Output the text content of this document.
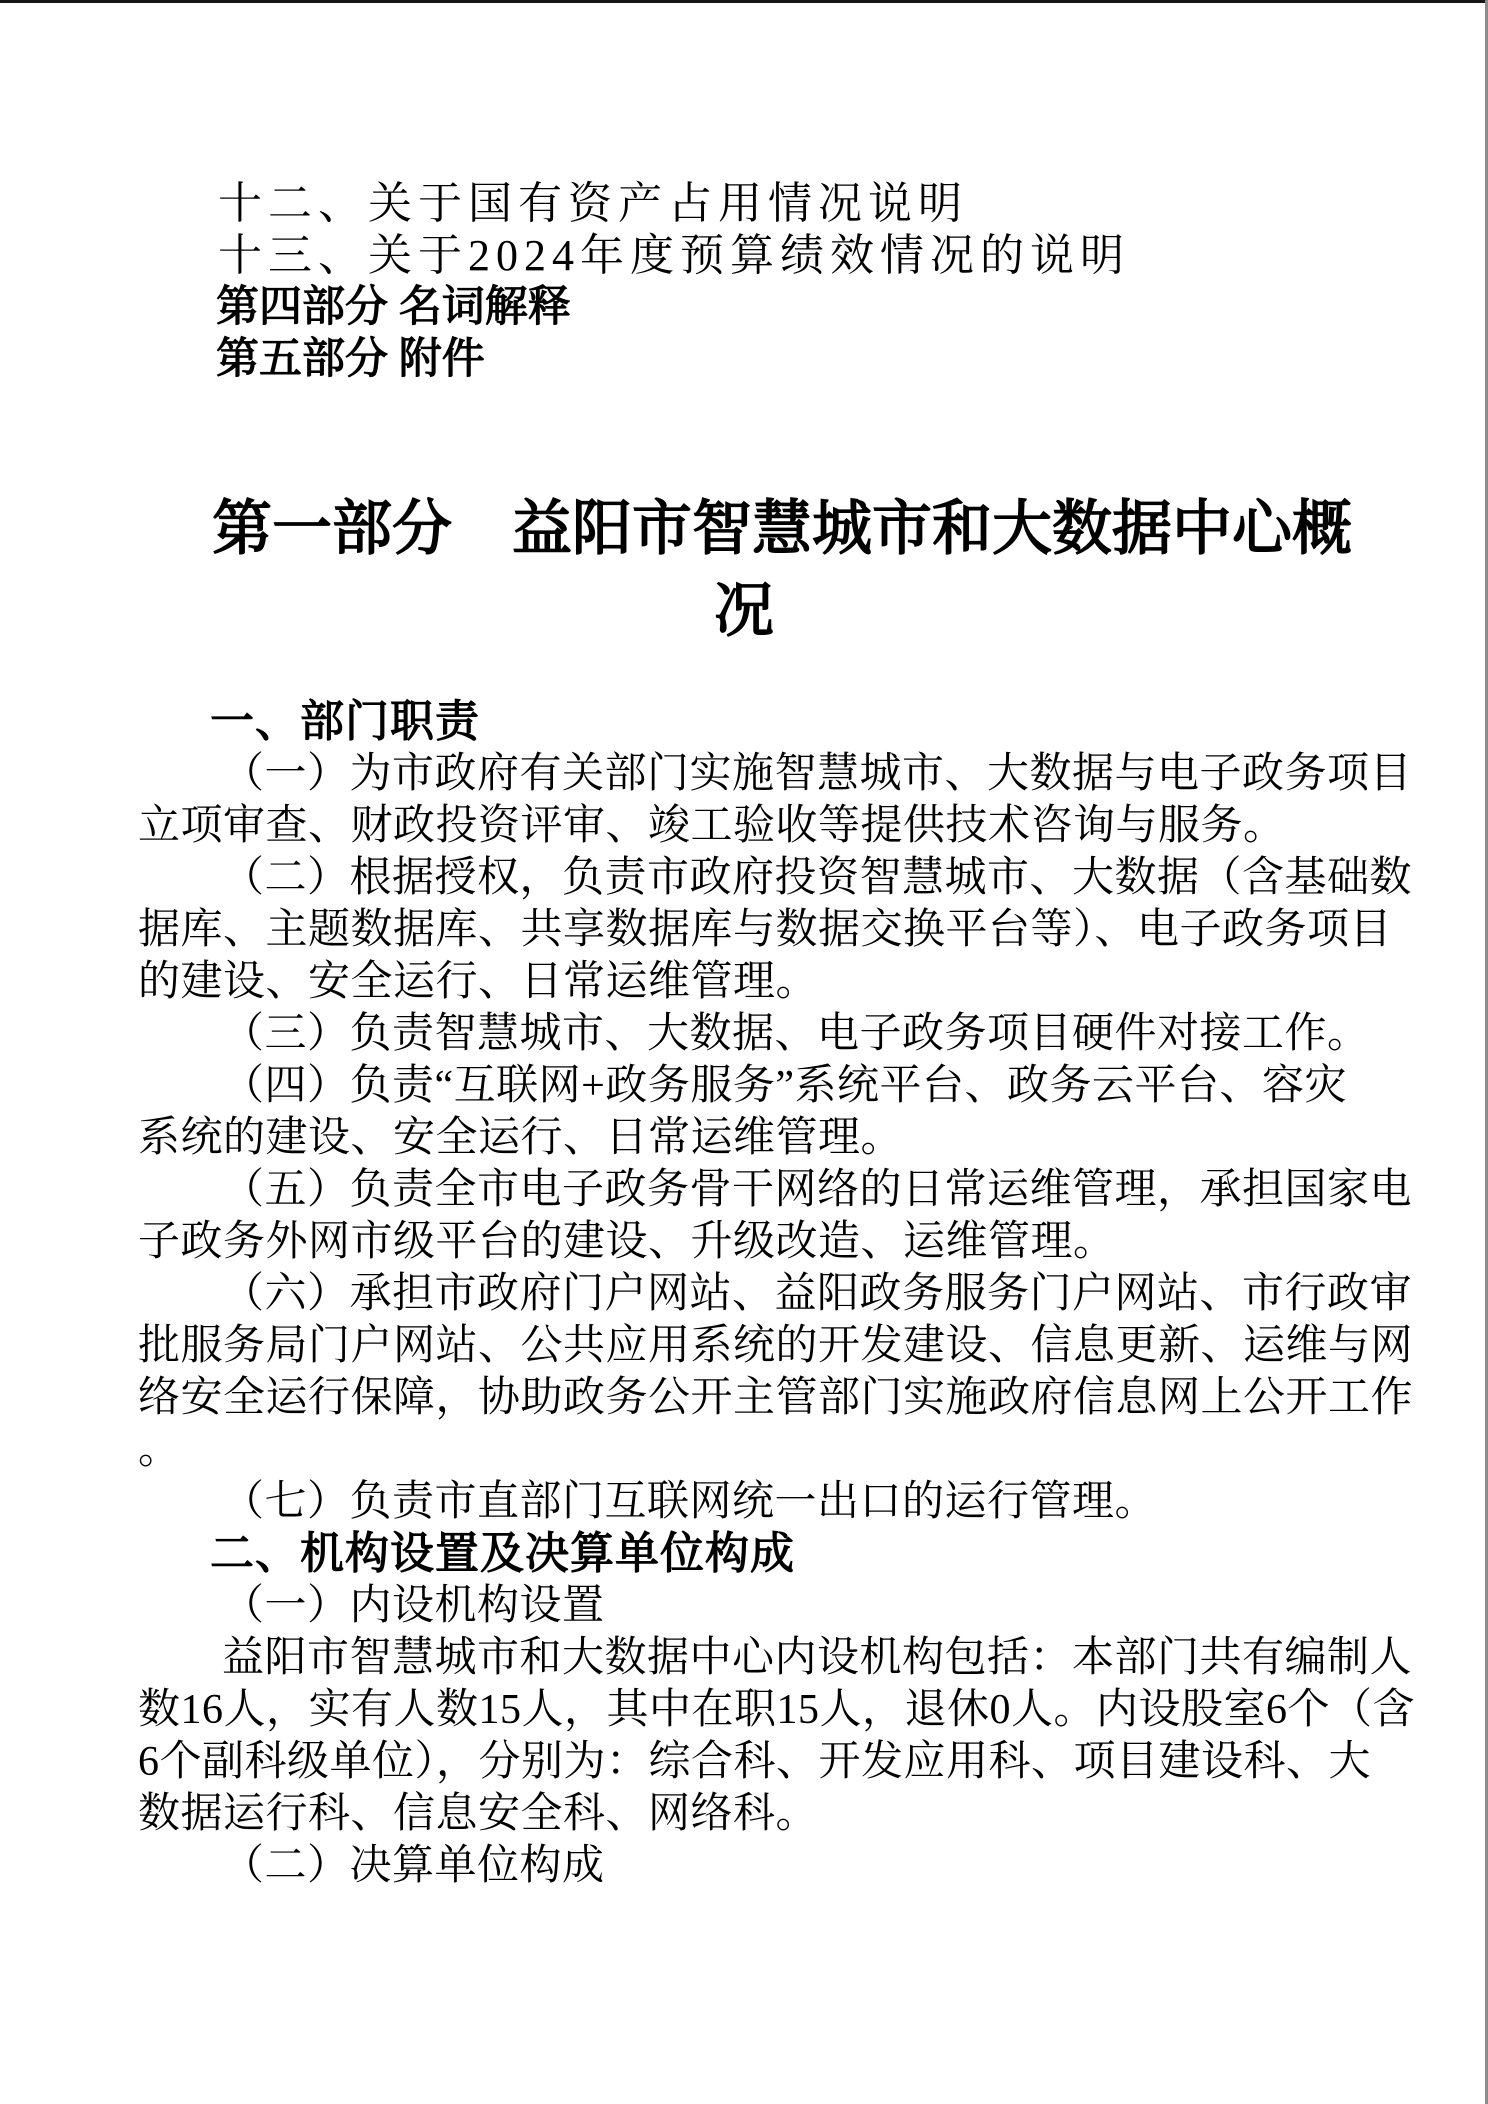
十二、关于国有资产占用情况说明
十三、关于2024年度预算绩效情况的说明
第四部分 名词解释
第五部分 附件
第一部分　益阳市智慧城市和大数据中心概
况
一、部门职责
（一）为市政府有关部门实施智慧城市、大数据与电子政务项目
立项审查、财政投资评审、竣工验收等提供技术咨询与服务。
（二）根据授权，负责市政府投资智慧城市、大数据（含基础数
据库、主题数据库、共享数据库与数据交换平台等）、电子政务项目
的建设、安全运行、日常运维管理。
（三）负责智慧城市、大数据、电子政务项目硬件对接工作。
（四）负责“互联网+政务服务”系统平台、政务云平台、容灾
系统的建设、安全运行、日常运维管理。
（五）负责全市电子政务骨干网络的日常运维管理，承担国家电
子政务外网市级平台的建设、升级改造、运维管理。
（六）承担市政府门户网站、益阳政务服务门户网站、市行政审
批服务局门户网站、公共应用系统的开发建设、信息更新、运维与网
络安全运行保障，协助政务公开主管部门实施政府信息网上公开工作
。
（七）负责市直部门互联网统一出口的运行管理。
二、机构设置及决算单位构成
（一）内设机构设置
益阳市智慧城市和大数据中心内设机构包括：本部门共有编制人
数16人，实有人数15人，其中在职15人，退休0人。内设股室6个（含
6个副科级单位），分别为：综合科、开发应用科、项目建设科、大
数据运行科、信息安全科、网络科。
（二）决算单位构成
